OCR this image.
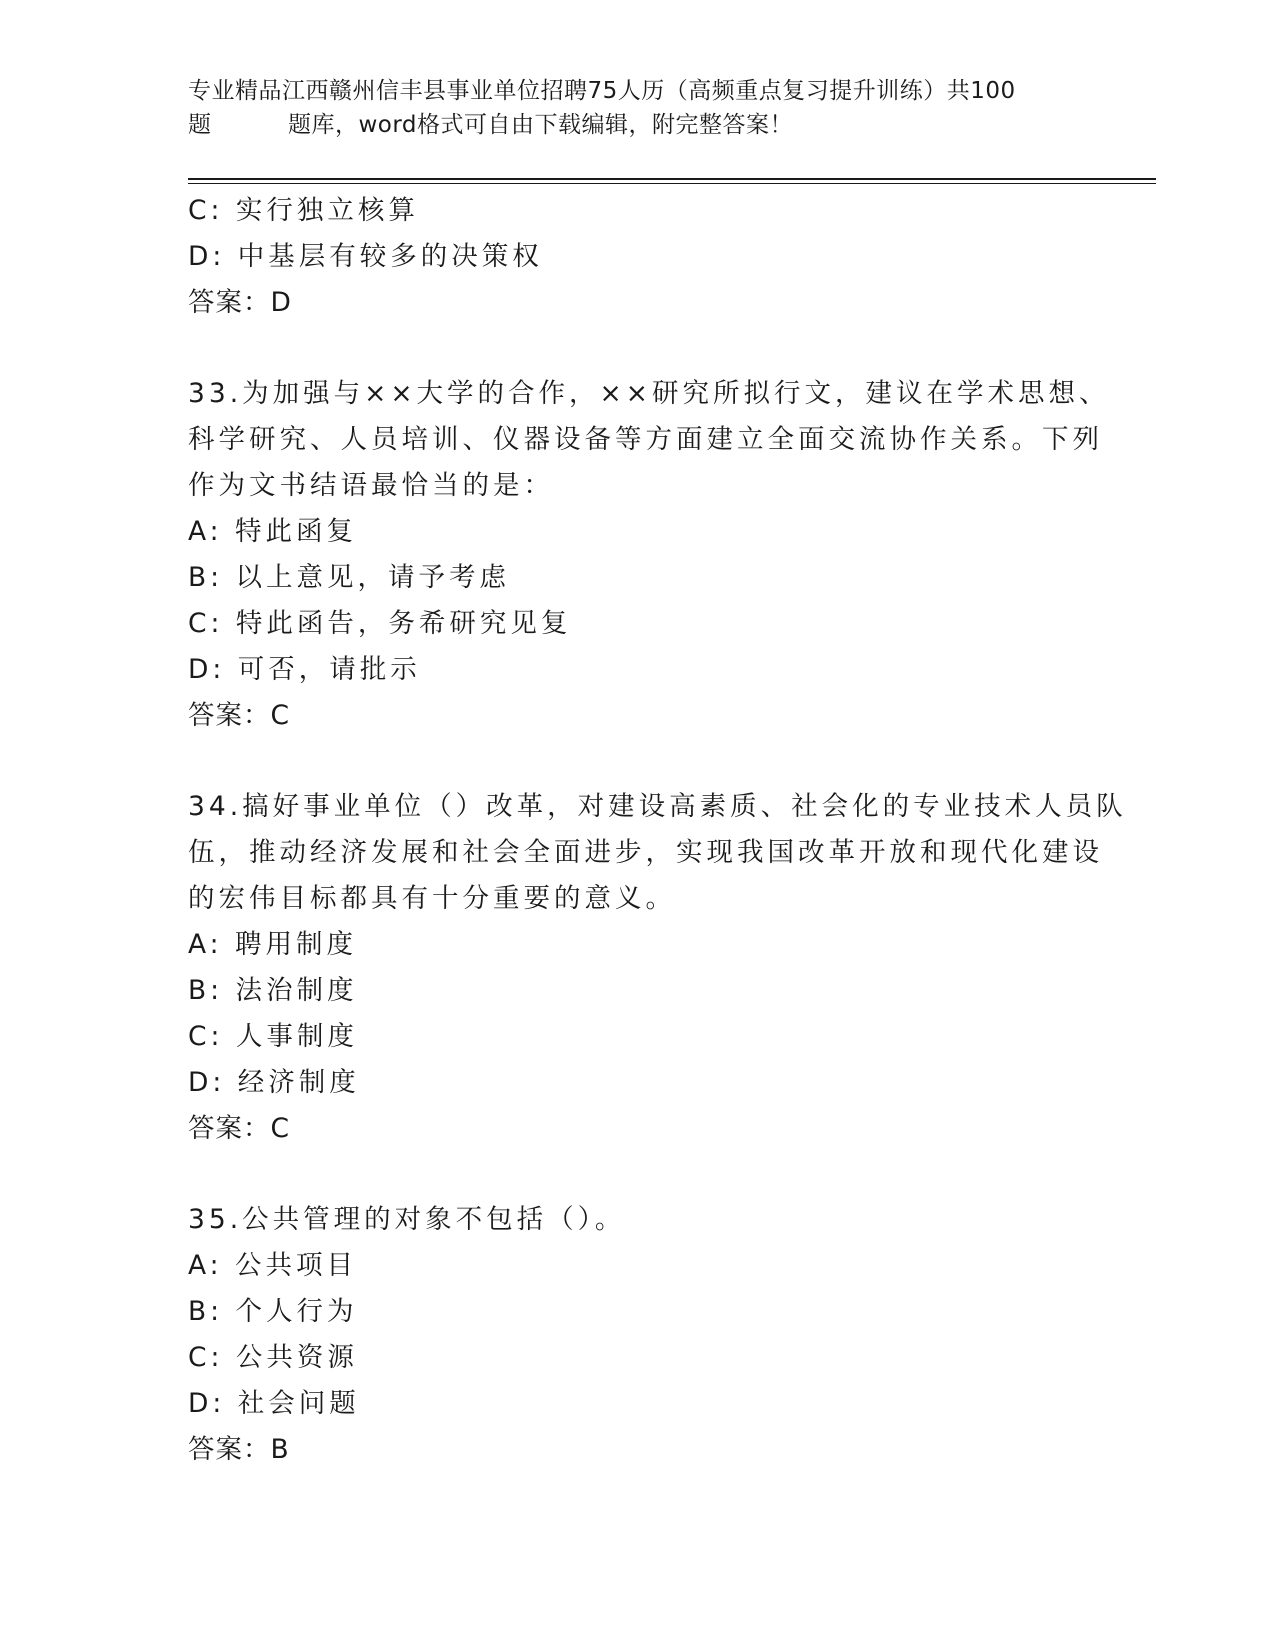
专业精品江西赣州信丰县事业单位招聘75人历（高频重点复习提升训练）共100
题	题库，word格式可自由下载编辑，附完整答案！
C: 实行独立核算
D: 中基层有较多的决策权
答案：D
33.为加强与××大学的合作，××研究所拟行文，建议在学术思想、
科学研究、人员培训、仪器设备等方面建立全面交流协作关系。下列
作为文书结语最恰当的是：
A: 特此函复
B: 以上意见，请予考虑
C: 特此函告，务希研究见复
D: 可否，请批示
答案：C
34.搞好事业单位（）改革，对建设高素质、社会化的专业技术人员队
伍，推动经济发展和社会全面进步，实现我国改革开放和现代化建设
的宏伟目标都具有十分重要的意义。
A: 聘用制度
B: 法治制度
C: 人事制度
D: 经济制度
答案：C
35.公共管理的对象不包括（）。
A: 公共项目
B: 个人行为
C: 公共资源
D: 社会问题
答案：B
